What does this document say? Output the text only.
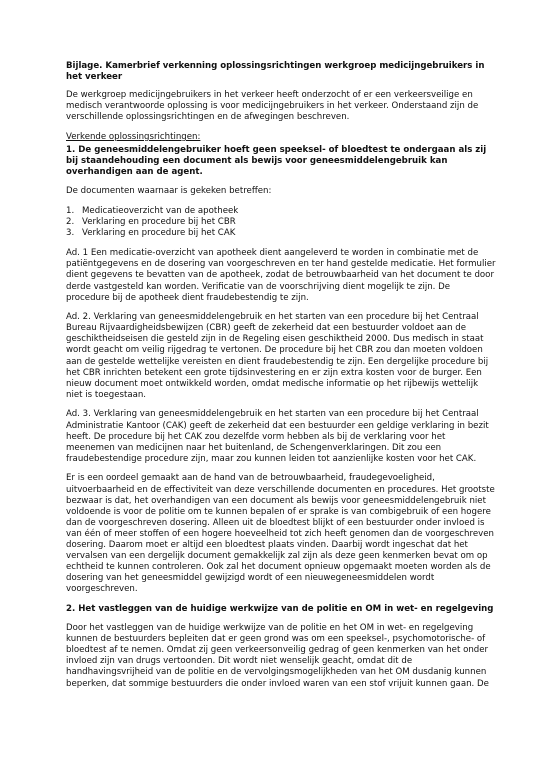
Bijlage. Kamerbrief verkenning oplossingsrichtingen werkgroep medicijngebruikers in het verkeer

De werkgroep medicijngebruikers in het verkeer heeft onderzocht of er een verkeersveilige en medisch verantwoorde oplossing is voor medicijngebruikers in het verkeer. Onderstaand zijn de verschillende oplossingsrichtingen en de afwegingen beschreven.

Verkende oplossingsrichtingen:

1. De geneesmiddelengebruiker hoeft geen speeksel- of bloedtest te ondergaan als zij bij staandehouding een document als bewijs voor geneesmiddelengebruik kan overhandigen aan de agent.

De documenten waarnaar is gekeken betreffen:

1. Medicatieoverzicht van de apotheek
2. Verklaring en procedure bij het CBR
3. Verklaring en procedure bij het CAK

Ad. 1 Een medicatie-overzicht van apotheek dient aangeleverd te worden in combinatie met de patiëntgegevens en de dosering van voorgeschreven en ter hand gestelde medicatie. Het formulier dient gegevens te bevatten van de apotheek, zodat de betrouwbaarheid van het document te door derde vastgesteld kan worden. Verificatie van de voorschrijving dient mogelijk te zijn. De procedure bij de apotheek dient fraudebestendig te zijn.

Ad. 2. Verklaring van geneesmiddelengebruik en het starten van een procedure bij het Centraal Bureau Rijvaardigheidsbewijzen (CBR) geeft de zekerheid dat een bestuurder voldoet aan de geschiktheidseisen die gesteld zijn in de Regeling eisen geschiktheid 2000. Dus medisch in staat wordt geacht om veilig rijgedrag te vertonen. De procedure bij het CBR zou dan moeten voldoen aan de gestelde wettelijke vereisten en dient fraudebestendig te zijn. Een dergelijke procedure bij het CBR inrichten betekent een grote tijdsinvestering en er zijn extra kosten voor de burger. Een nieuw document moet ontwikkeld worden, omdat medische informatie op het rijbewijs wettelijk niet is toegestaan.

Ad. 3. Verklaring van geneesmiddelengebruik en het starten van een procedure bij het Centraal Administratie Kantoor (CAK) geeft de zekerheid dat een bestuurder een geldige verklaring in bezit heeft. De procedure bij het CAK zou dezelfde vorm hebben als bij de verklaring voor het meenemen van medicijnen naar het buitenland, de Schengenverklaringen. Dit zou een fraudebestendige procedure zijn, maar zou kunnen leiden tot aanzienlijke kosten voor het CAK.

Er is een oordeel gemaakt aan de hand van de betrouwbaarheid, fraudegevoeligheid, uitvoerbaarheid en de effectiviteit van deze verschillende documenten en procedures. Het grootste bezwaar is dat, het overhandigen van een document als bewijs voor geneesmiddelengebruik niet voldoende is voor de politie om te kunnen bepalen of er sprake is van combigebruik of een hogere dan de voorgeschreven dosering. Alleen uit de bloedtest blijkt of een bestuurder onder invloed is van één of meer stoffen of een hogere hoeveelheid tot zich heeft genomen dan de voorgeschreven dosering. Daarom moet er altijd een bloedtest plaats vinden. Daarbij wordt ingeschat dat het vervalsen van een dergelijk document gemakkelijk zal zijn als deze geen kenmerken bevat om op echtheid te kunnen controleren. Ook zal het document opnieuw opgemaakt moeten worden als de dosering van het geneesmiddel gewijzigd wordt of een nieuwegeneesmiddelen wordt voorgeschreven.

2. Het vastleggen van de huidige werkwijze van de politie en OM in wet- en regelgeving

Door het vastleggen van de huidige werkwijze van de politie en het OM in wet- en regelgeving kunnen de bestuurders bepleiten dat er geen grond was om een speeksel-, psychomotorische- of bloedtest af te nemen. Omdat zij geen verkeersonveilig gedrag of geen kenmerken van het onder invloed zijn van drugs vertoonden. Dit wordt niet wenselijk geacht, omdat dit de handhavingsvrijheid van de politie en de vervolgingsmogelijkheden van het OM dusdanig kunnen beperken, dat sommige bestuurders die onder invloed waren van een stof vrijuit kunnen gaan. De
